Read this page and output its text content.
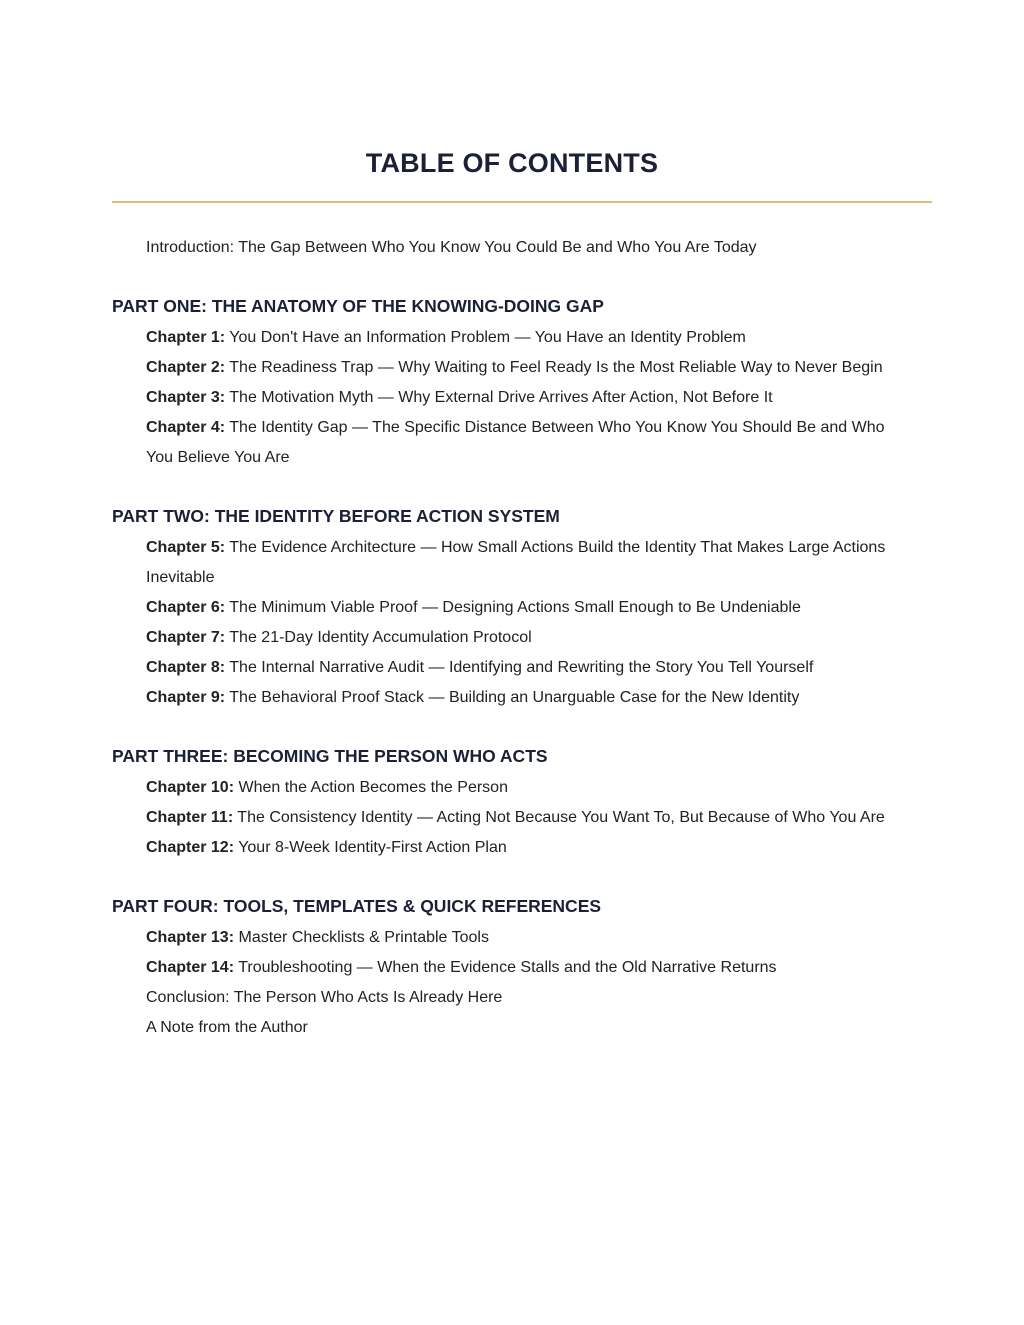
TABLE OF CONTENTS
Introduction: The Gap Between Who You Know You Could Be and Who You Are Today
PART ONE: THE ANATOMY OF THE KNOWING-DOING GAP
Chapter 1: You Don't Have an Information Problem — You Have an Identity Problem
Chapter 2: The Readiness Trap — Why Waiting to Feel Ready Is the Most Reliable Way to Never Begin
Chapter 3: The Motivation Myth — Why External Drive Arrives After Action, Not Before It
Chapter 4: The Identity Gap — The Specific Distance Between Who You Know You Should Be and Who You Believe You Are
PART TWO: THE IDENTITY BEFORE ACTION SYSTEM
Chapter 5: The Evidence Architecture — How Small Actions Build the Identity That Makes Large Actions Inevitable
Chapter 6: The Minimum Viable Proof — Designing Actions Small Enough to Be Undeniable
Chapter 7: The 21-Day Identity Accumulation Protocol
Chapter 8: The Internal Narrative Audit — Identifying and Rewriting the Story You Tell Yourself
Chapter 9: The Behavioral Proof Stack — Building an Unarguable Case for the New Identity
PART THREE: BECOMING THE PERSON WHO ACTS
Chapter 10: When the Action Becomes the Person
Chapter 11: The Consistency Identity — Acting Not Because You Want To, But Because of Who You Are
Chapter 12: Your 8-Week Identity-First Action Plan
PART FOUR: TOOLS, TEMPLATES & QUICK REFERENCES
Chapter 13: Master Checklists & Printable Tools
Chapter 14: Troubleshooting — When the Evidence Stalls and the Old Narrative Returns
Conclusion: The Person Who Acts Is Already Here
A Note from the Author
